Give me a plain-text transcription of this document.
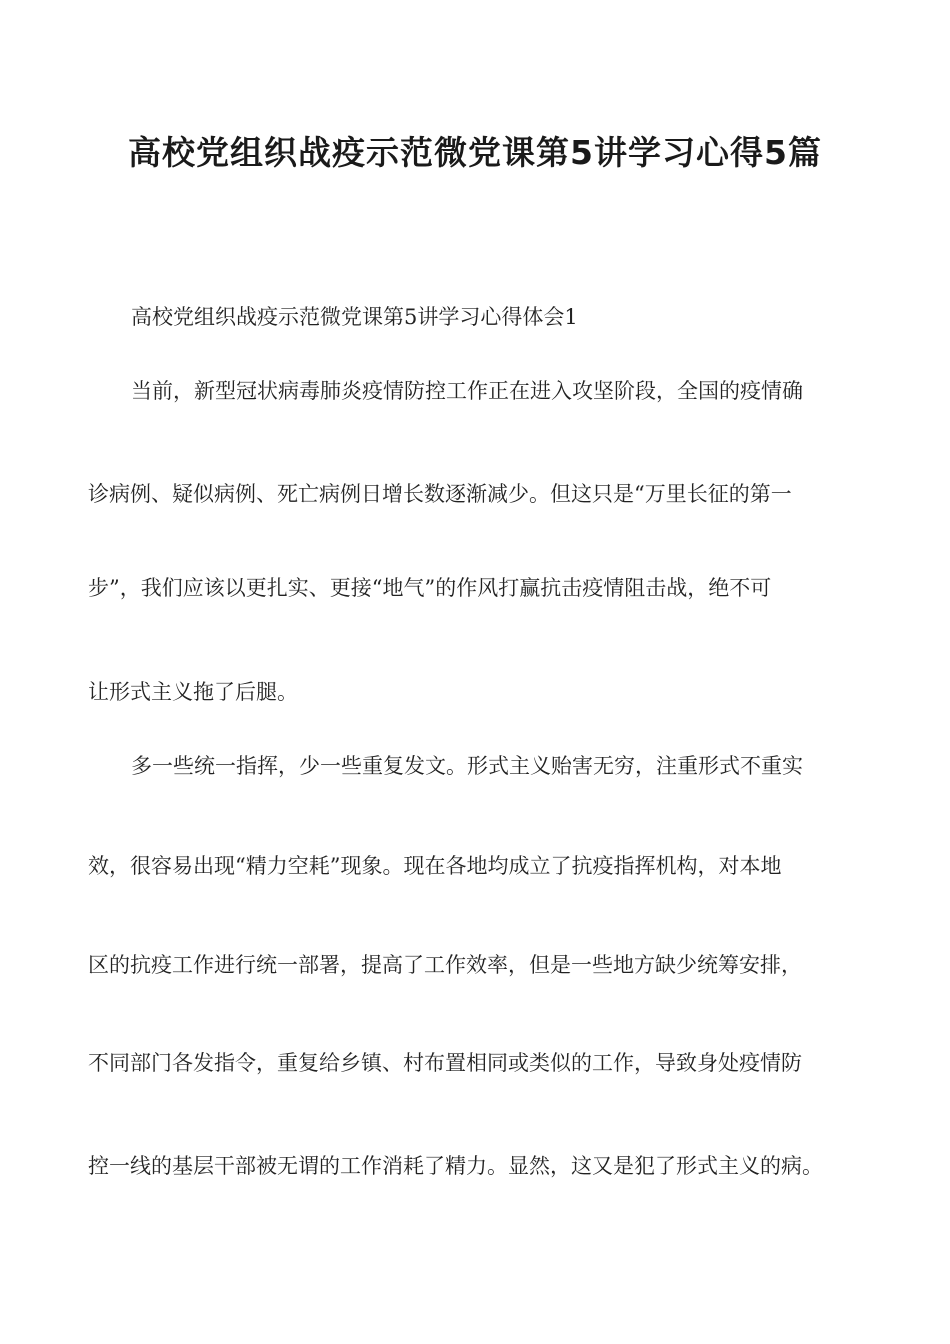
高校党组织战疫示范微党课第5讲学习心得5篇
高校党组织战疫示范微党课第5讲学习心得体会1
当前，新型冠状病毒肺炎疫情防控工作正在进入攻坚阶段，全国的疫情确
诊病例、疑似病例、死亡病例日增长数逐渐减少。但这只是“万里长征的第一
步”，我们应该以更扎实、更接“地气”的作风打赢抗击疫情阻击战，绝不可
让形式主义拖了后腿。
多一些统一指挥，少一些重复发文。形式主义贻害无穷，注重形式不重实
效，很容易出现“精力空耗”现象。现在各地均成立了抗疫指挥机构，对本地
区的抗疫工作进行统一部署，提高了工作效率，但是一些地方缺少统筹安排，
不同部门各发指令，重复给乡镇、村布置相同或类似的工作，导致身处疫情防
控一线的基层干部被无谓的工作消耗了精力。显然，这又是犯了形式主义的病。
